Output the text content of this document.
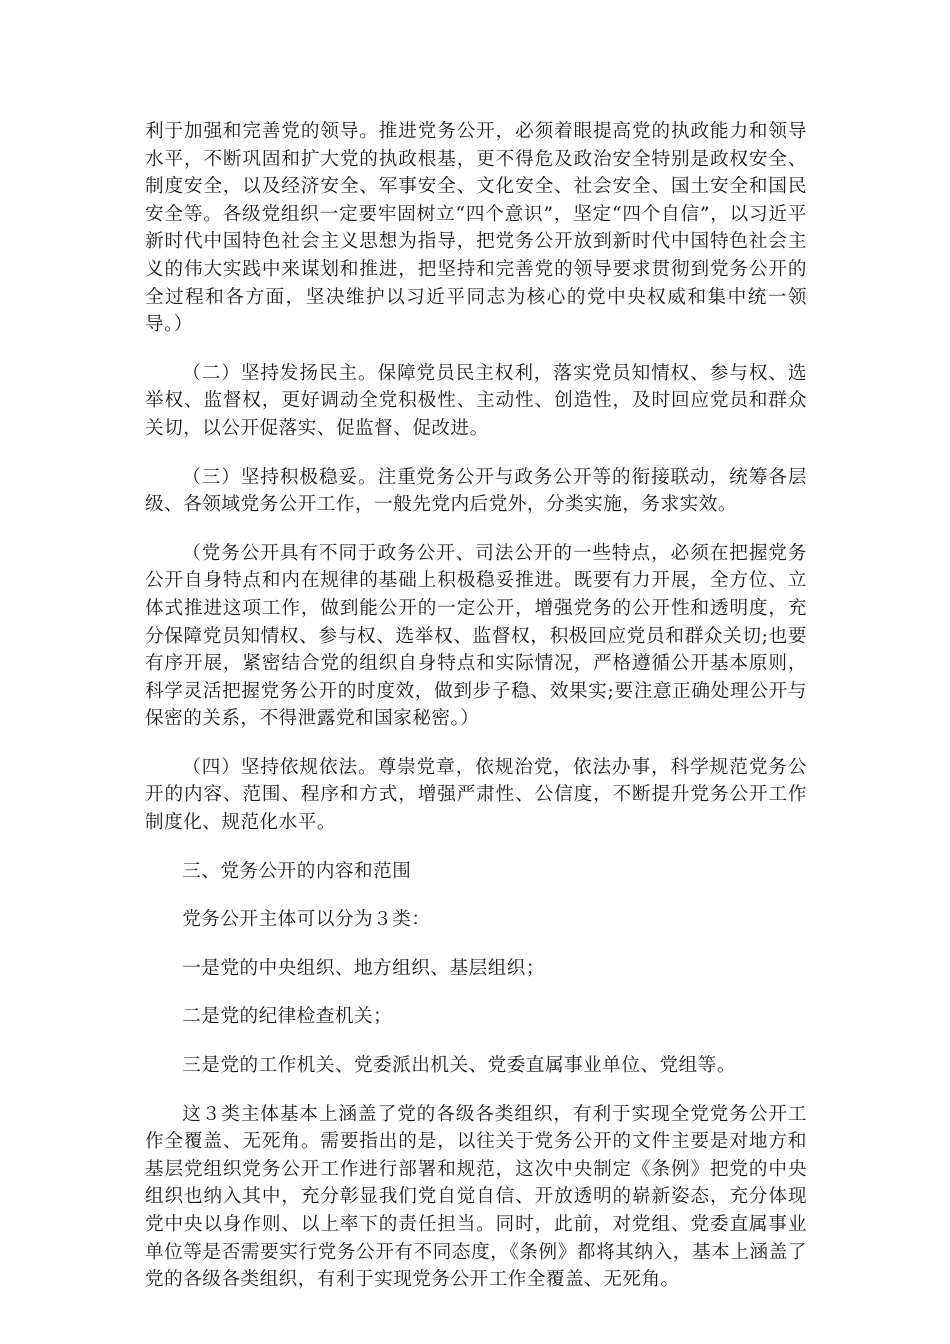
利于加强和完善党的领导。推进党务公开，必须着眼提高党的执政能力和领导水平，不断巩固和扩大党的执政根基，更不得危及政治安全特别是政权安全、制度安全，以及经济安全、军事安全、文化安全、社会安全、国土安全和国民安全等。各级党组织一定要牢固树立“四个意识”，坚定“四个自信”，以习近平新时代中国特色社会主义思想为指导，把党务公开放到新时代中国特色社会主义的伟大实践中来谋划和推进，把坚持和完善党的领导要求贯彻到党务公开的全过程和各方面，坚决维护以习近平同志为核心的党中央权威和集中统一领导。）

（二）坚持发扬民主。保障党员民主权利，落实党员知情权、参与权、选举权、监督权，更好调动全党积极性、主动性、创造性，及时回应党员和群众关切，以公开促落实、促监督、促改进。

（三）坚持积极稳妥。注重党务公开与政务公开等的衔接联动，统筹各层级、各领域党务公开工作，一般先党内后党外，分类实施，务求实效。

（党务公开具有不同于政务公开、司法公开的一些特点，必须在把握党务公开自身特点和内在规律的基础上积极稳妥推进。既要有力开展，全方位、立体式推进这项工作，做到能公开的一定公开，增强党务的公开性和透明度，充分保障党员知情权、参与权、选举权、监督权，积极回应党员和群众关切;也要有序开展，紧密结合党的组织自身特点和实际情况，严格遵循公开基本原则，科学灵活把握党务公开的时度效，做到步子稳、效果实;要注意正确处理公开与保密的关系，不得泄露党和国家秘密。）

（四）坚持依规依法。尊崇党章，依规治党，依法办事，科学规范党务公开的内容、范围、程序和方式，增强严肃性、公信度，不断提升党务公开工作制度化、规范化水平。

三、党务公开的内容和范围

党务公开主体可以分为３类：

一是党的中央组织、地方组织、基层组织；

二是党的纪律检查机关；

三是党的工作机关、党委派出机关、党委直属事业单位、党组等。

这３类主体基本上涵盖了党的各级各类组织，有利于实现全党党务公开工作全覆盖、无死角。需要指出的是，以往关于党务公开的文件主要是对地方和基层党组织党务公开工作进行部署和规范，这次中央制定《条例》把党的中央组织也纳入其中，充分彰显我们党自觉自信、开放透明的崭新姿态，充分体现党中央以身作则、以上率下的责任担当。同时，此前，对党组、党委直属事业单位等是否需要实行党务公开有不同态度，《条例》都将其纳入，基本上涵盖了党的各级各类组织，有利于实现党务公开工作全覆盖、无死角。
